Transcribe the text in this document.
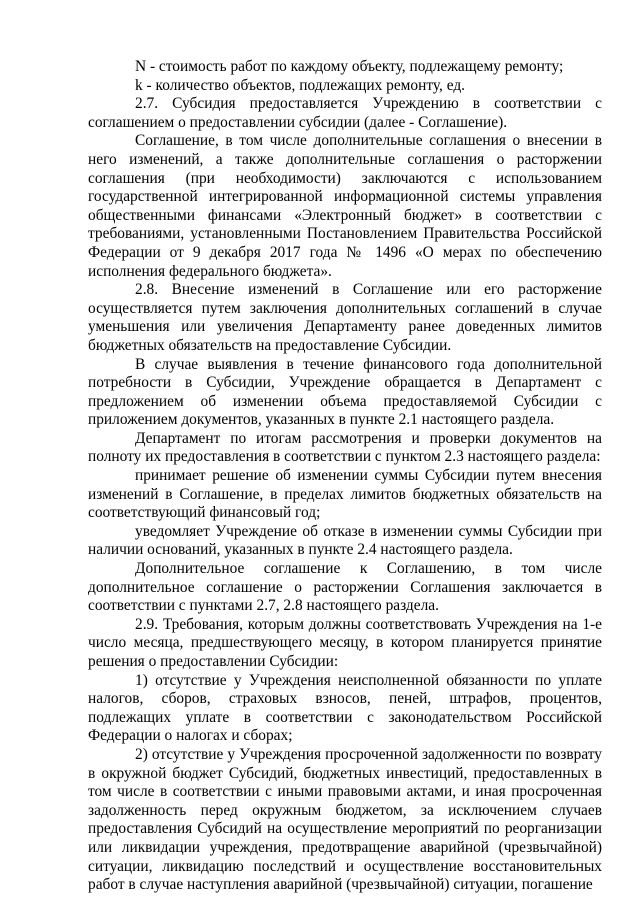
N - стоимость работ по каждому объекту, подлежащему ремонту;

k - количество объектов, подлежащих ремонту, ед.

2.7. Субсидия предоставляется Учреждению в соответствии с соглашением о предоставлении субсидии (далее - Соглашение).

Соглашение, в том числе дополнительные соглашения о внесении в него изменений, а также дополнительные соглашения о расторжении соглашения (при необходимости) заключаются с использованием государственной интегрированной информационной системы управления общественными финансами «Электронный бюджет» в соответствии с требованиями, установленными Постановлением Правительства Российской Федерации от 9 декабря 2017 года № 1496 «О мерах по обеспечению исполнения федерального бюджета».

2.8. Внесение изменений в Соглашение или его расторжение осуществляется путем заключения дополнительных соглашений в случае уменьшения или увеличения Департаменту ранее доведенных лимитов бюджетных обязательств на предоставление Субсидии.

В случае выявления в течение финансового года дополнительной потребности в Субсидии, Учреждение обращается в Департамент с предложением об изменении объема предоставляемой Субсидии с приложением документов, указанных в пункте 2.1 настоящего раздела.

Департамент по итогам рассмотрения и проверки документов на полноту их предоставления в соответствии с пунктом 2.3 настоящего раздела:

принимает решение об изменении суммы Субсидии путем внесения изменений в Соглашение, в пределах лимитов бюджетных обязательств на соответствующий финансовый год;

уведомляет Учреждение об отказе в изменении суммы Субсидии при наличии оснований, указанных в пункте 2.4 настоящего раздела.

Дополнительное соглашение к Соглашению, в том числе дополнительное соглашение о расторжении Соглашения заключается в соответствии с пунктами 2.7, 2.8 настоящего раздела.

2.9. Требования, которым должны соответствовать Учреждения на 1-е число месяца, предшествующего месяцу, в котором планируется принятие решения о предоставлении Субсидии:

1) отсутствие у Учреждения неисполненной обязанности по уплате налогов, сборов, страховых взносов, пеней, штрафов, процентов, подлежащих уплате в соответствии с законодательством Российской Федерации о налогах и сборах;

2) отсутствие у Учреждения просроченной задолженности по возврату в окружной бюджет Субсидий, бюджетных инвестиций, предоставленных в том числе в соответствии с иными правовыми актами, и иная просроченная задолженность перед окружным бюджетом, за исключением случаев предоставления Субсидий на осуществление мероприятий по реорганизации или ликвидации учреждения, предотвращение аварийной (чрезвычайной) ситуации, ликвидацию последствий и осуществление восстановительных работ в случае наступления аварийной (чрезвычайной) ситуации, погашение
